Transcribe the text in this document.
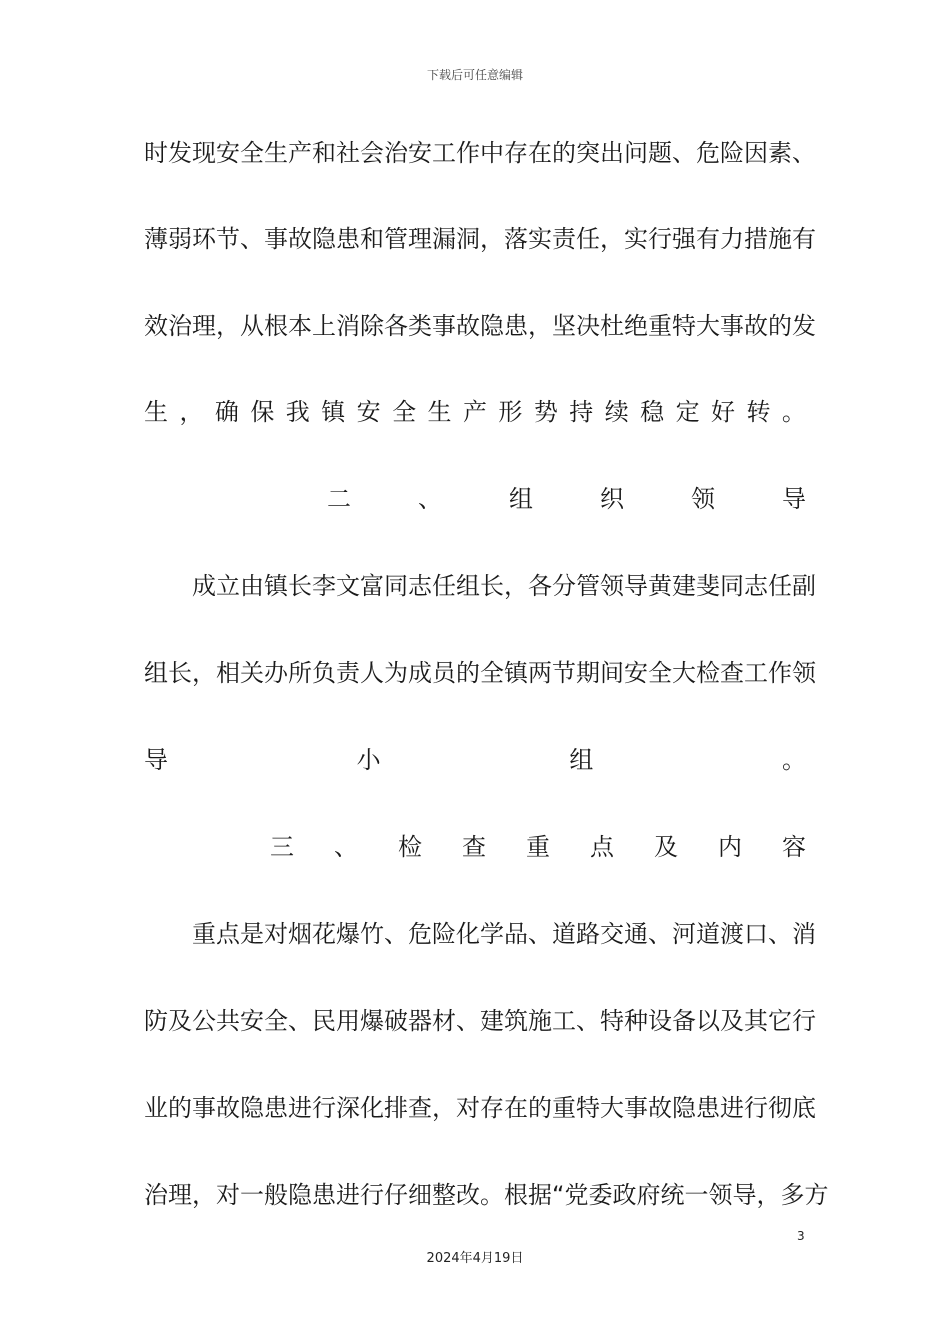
下载后可任意编辑
时 发 现 安 全 生 产 和 社 会 治 安 工 作 中 存 在 的 突 出 问 题 、 危 险 因 素 、
薄 弱 环 节 、 事 故 隐 患 和 管 理 漏 洞 ， 落 实 责 任 ， 实 行 强 有 力 措 施 有
效 治 理 ， 从 根 本 上 消 除 各 类 事 故 隐 患 ， 坚 决 杜 绝 重 特 大 事 故 的 发
生 ， 确 保 我 镇 安 全 生 产 形 势 持 续 稳 定 好 转 。
二	、	组	织	领	导
成 立 由 镇 长 李 文 富 同 志 任 组 长 ， 各 分 管 领 导 黄 建 斐 同 志 任 副
组 长 ， 相 关 办 所 负 责 人 为 成 员 的 全 镇 两 节 期 间 安 全 大 检 查 工 作 领
导	小	组	。
三 、 检 查 重 点 及 内 容
重 点 是 对 烟 花 爆 竹 、 危 险 化 学 品 、 道 路 交 通 、 河 道 渡 口 、 消
防 及 公 共 安 全 、 民 用 爆 破 器 材 、 建 筑 施 工 、 特 种 设 备 以 及 其 它 行
业 的 事 故 隐 患 进 行 深 化 排 查 ， 对 存 在 的 重 特 大 事 故 隐 患 进 行 彻 底
治 理 ， 对 一 般 隐 患 进 行 仔 细 整 改 。 根 据 “ 党 委 政 府 统 一 领 导 ， 多 方
3
2024年4月19日
